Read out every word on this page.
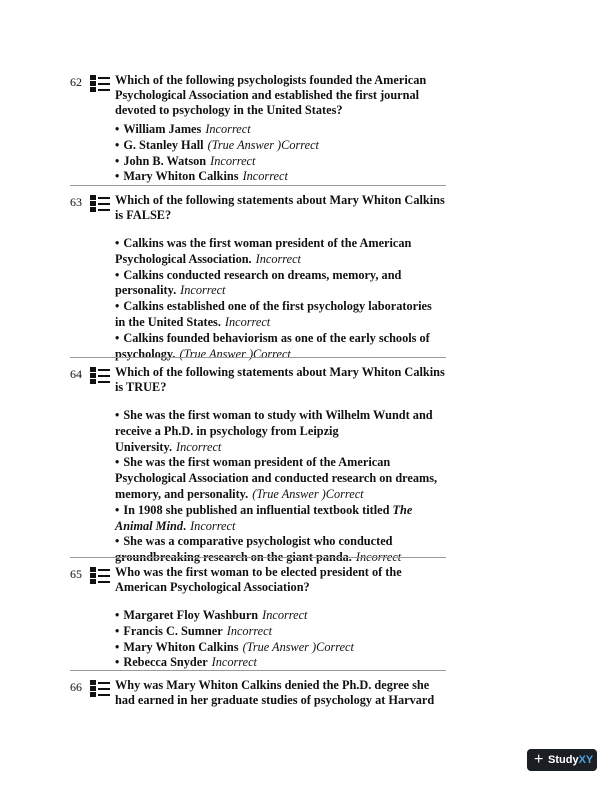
62	Which of the following psychologists founded the American Psychological Association and established the first journal devoted to psychology in the United States?
• William James Incorrect
• G. Stanley Hall (True Answer )Correct
• John B. Watson Incorrect
• Mary Whiton Calkins Incorrect
63	Which of the following statements about Mary Whiton Calkins is FALSE?
• Calkins was the first woman president of the American Psychological Association. Incorrect
• Calkins conducted research on dreams, memory, and personality. Incorrect
• Calkins established one of the first psychology laboratories in the United States. Incorrect
• Calkins founded behaviorism as one of the early schools of psychology. (True Answer )Correct
64	Which of the following statements about Mary Whiton Calkins is TRUE?
• She was the first woman to study with Wilhelm Wundt and receive a Ph.D. in psychology from Leipzig University. Incorrect
• She was the first woman president of the American Psychological Association and conducted research on dreams, memory, and personality. (True Answer )Correct
• In 1908 she published an influential textbook titled The Animal Mind. Incorrect
• She was a comparative psychologist who conducted groundbreaking research on the giant panda. Incorrect
65	Who was the first woman to be elected president of the American Psychological Association?
• Margaret Floy Washburn Incorrect
• Francis C. Sumner Incorrect
• Mary Whiton Calkins (True Answer )Correct
• Rebecca Snyder Incorrect
66	Why was Mary Whiton Calkins denied the Ph.D. degree she had earned in her graduate studies of psychology at Harvard
+ StudyXY
